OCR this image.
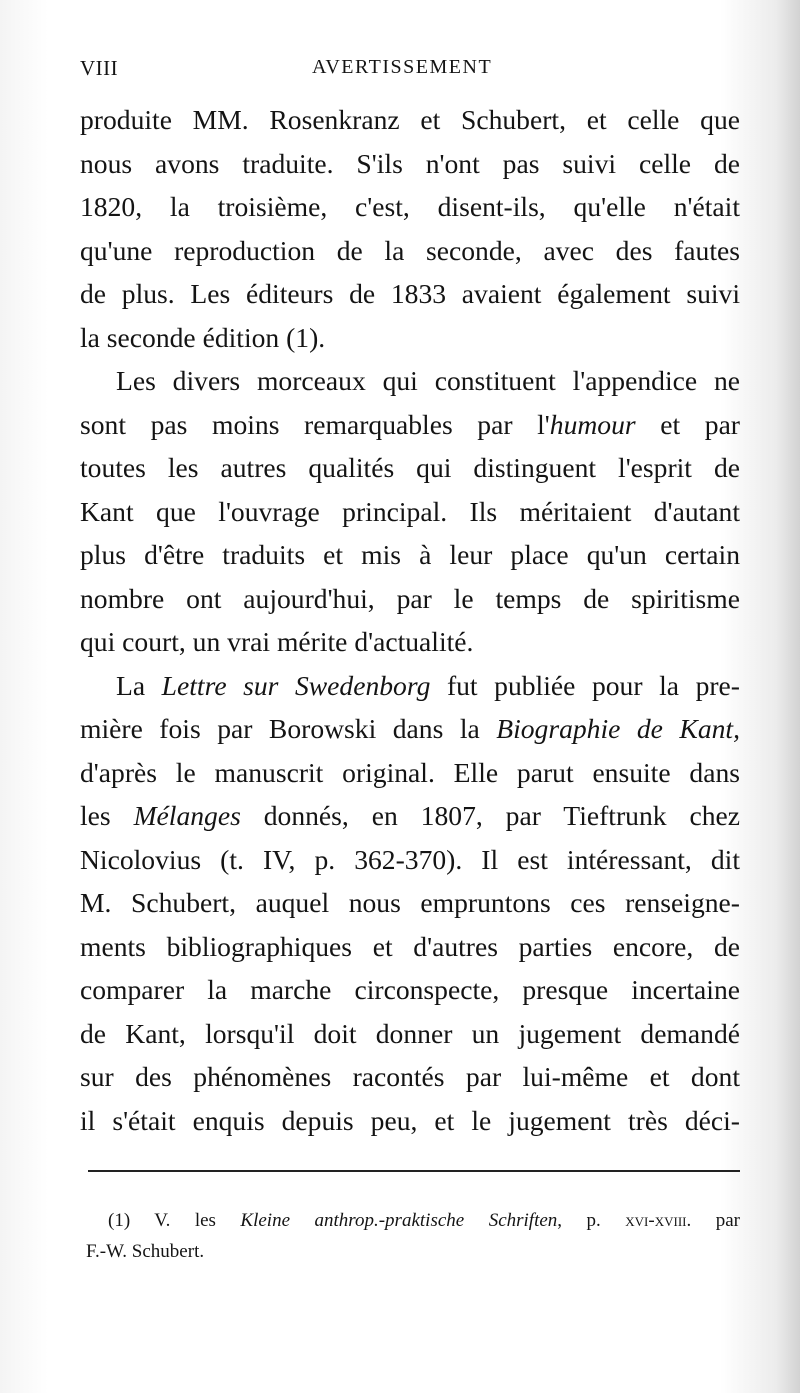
VIII	AVERTISSEMENT
produite MM. Rosenkranz et Schubert, et celle que
nous avons traduite. S'ils n'ont pas suivi celle de
1820, la troisième, c'est, disent-ils, qu'elle n'était
qu'une reproduction de la seconde, avec des fautes
de plus. Les éditeurs de 1833 avaient également suivi
la seconde édition (1).
Les divers morceaux qui constituent l'appendice ne
sont pas moins remarquables par l'humour et par
toutes les autres qualités qui distinguent l'esprit de
Kant que l'ouvrage principal. Ils méritaient d'autant
plus d'être traduits et mis à leur place qu'un certain
nombre ont aujourd'hui, par le temps de spiritisme
qui court, un vrai mérite d'actualité.
La Lettre sur Swedenborg fut publiée pour la pre-
mière fois par Borowski dans la Biographie de Kant,
d'après le manuscrit original. Elle parut ensuite dans
les Mélanges donnés, en 1807, par Tieftrunk chez
Nicolovius (t. IV, p. 362-370). Il est intéressant, dit
M. Schubert, auquel nous empruntons ces renseigne-
ments bibliographiques et d'autres parties encore, de
comparer la marche circonspecte, presque incertaine
de Kant, lorsqu'il doit donner un jugement demandé
sur des phénomènes racontés par lui-même et dont
il s'était enquis depuis peu, et le jugement très déci-
(1) V. les Kleine anthrop.-praktische Schriften, p. xvi-xviii. par
F.-W. Schubert.
